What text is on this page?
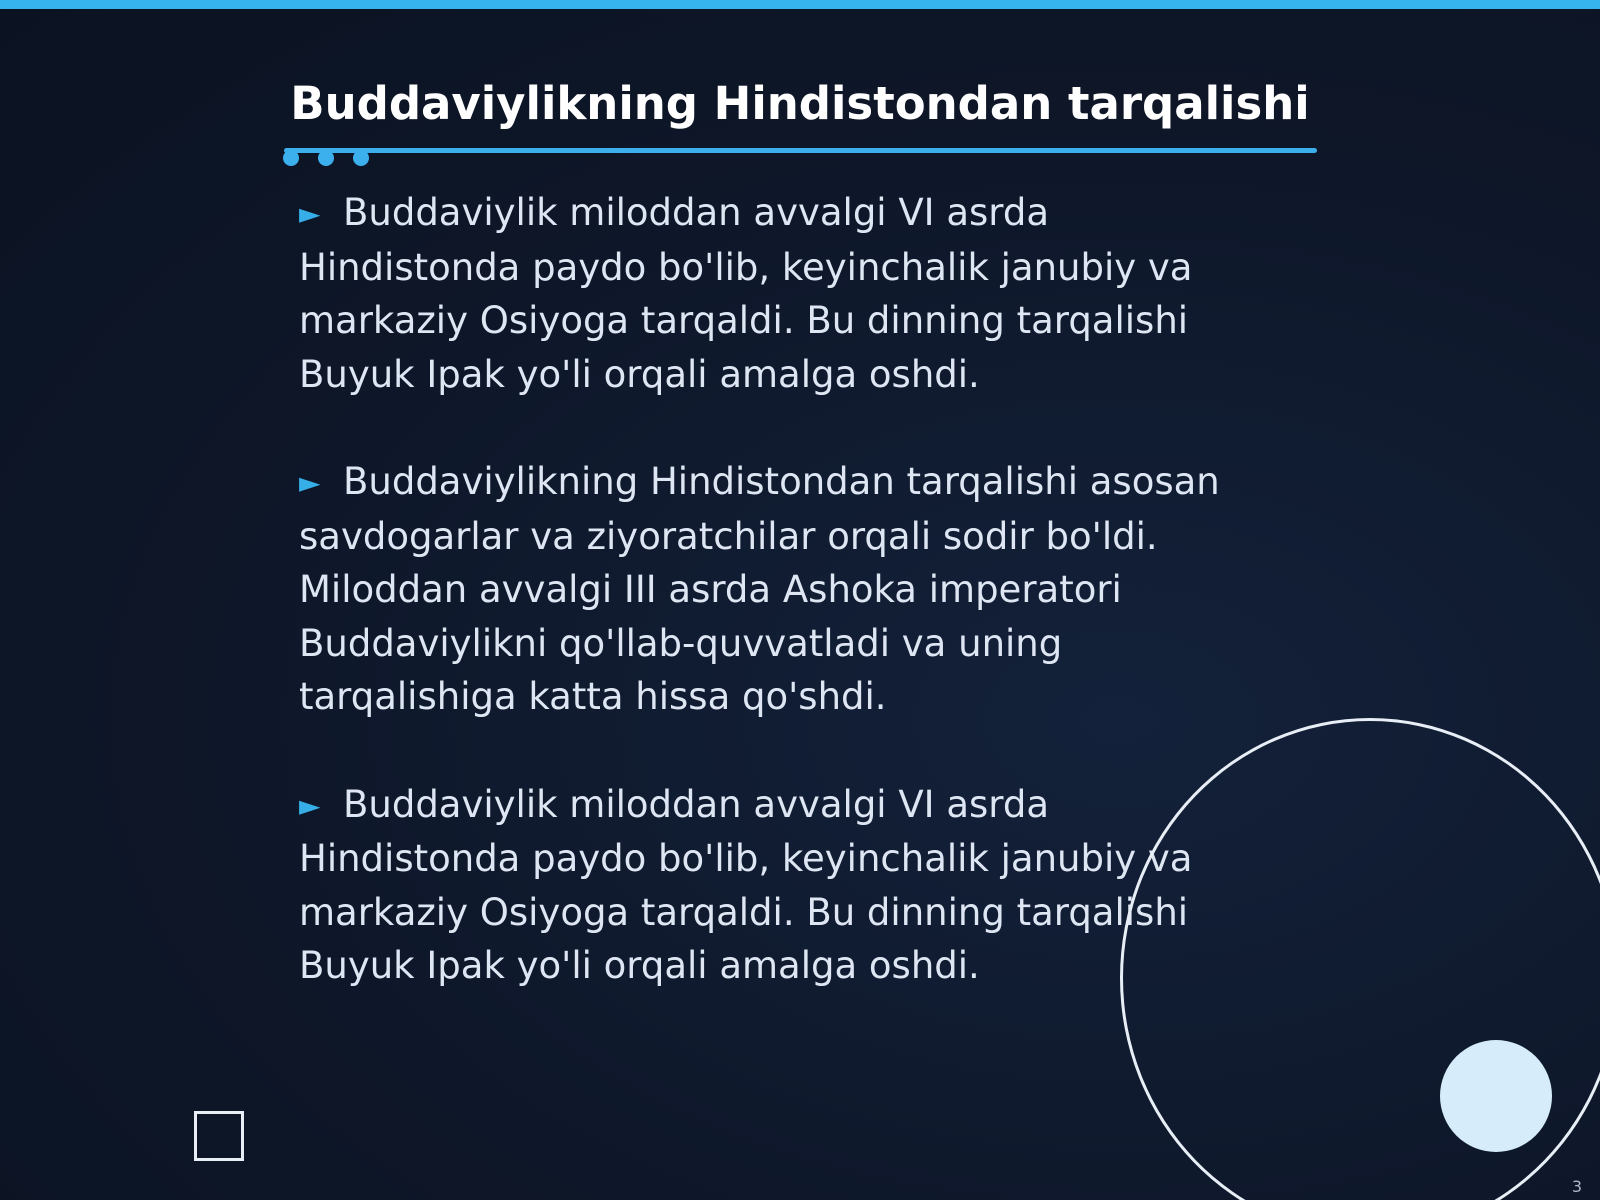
Buddaviylikning Hindistondan tarqalishi

► Buddaviylik miloddan avvalgi VI asrda Hindistonda paydo bo'lib, keyinchalik janubiy va markaziy Osiyoga tarqaldi. Bu dinning tarqalishi Buyuk Ipak yo'li orqali amalga oshdi.

► Buddaviylikning Hindistondan tarqalishi asosan savdogarlar va ziyoratchilar orqali sodir bo'ldi. Miloddan avvalgi III asrda Ashoka imperatori Buddaviylikni qo'llab-quvvatladi va uning tarqalishiga katta hissa qo'shdi.

► Buddaviylik miloddan avvalgi VI asrda Hindistonda paydo bo'lib, keyinchalik janubiy va markaziy Osiyoga tarqaldi. Bu dinning tarqalishi Buyuk Ipak yo'li orqali amalga oshdi.

3
